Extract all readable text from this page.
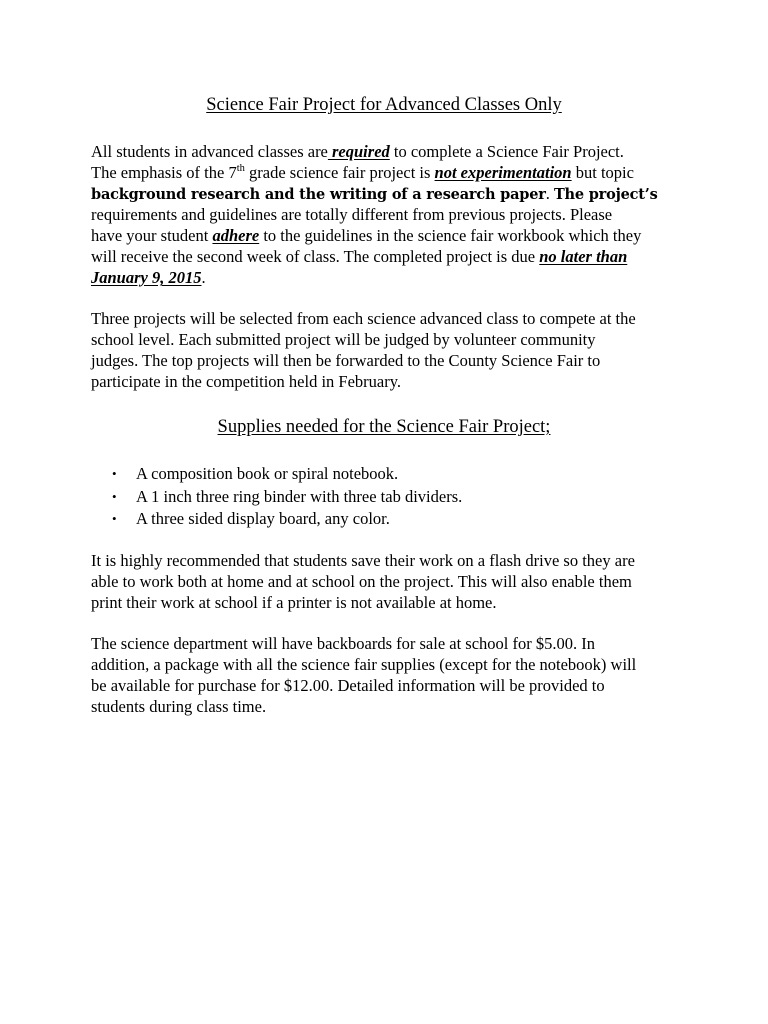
Science Fair Project for Advanced Classes Only
All students in advanced classes are required to complete a Science Fair Project.
The emphasis of the 7th grade science fair project is not experimentation but topic
background research and the writing of a research paper. The project’s
requirements and guidelines are totally different from previous projects. Please
have your student adhere to the guidelines in the science fair workbook which they
will receive the second week of class. The completed project is due no later than
January 9, 2015.
Three projects will be selected from each science advanced class to compete at the
school level. Each submitted project will be judged by volunteer community
judges. The top projects will then be forwarded to the County Science Fair to
participate in the competition held in February.
Supplies needed for the Science Fair Project;
• A composition book or spiral notebook.
• A 1 inch three ring binder with three tab dividers.
• A three sided display board, any color.
It is highly recommended that students save their work on a flash drive so they are
able to work both at home and at school on the project. This will also enable them
print their work at school if a printer is not available at home.
The science department will have backboards for sale at school for $5.00. In
addition, a package with all the science fair supplies (except for the notebook) will
be available for purchase for $12.00. Detailed information will be provided to
students during class time.
